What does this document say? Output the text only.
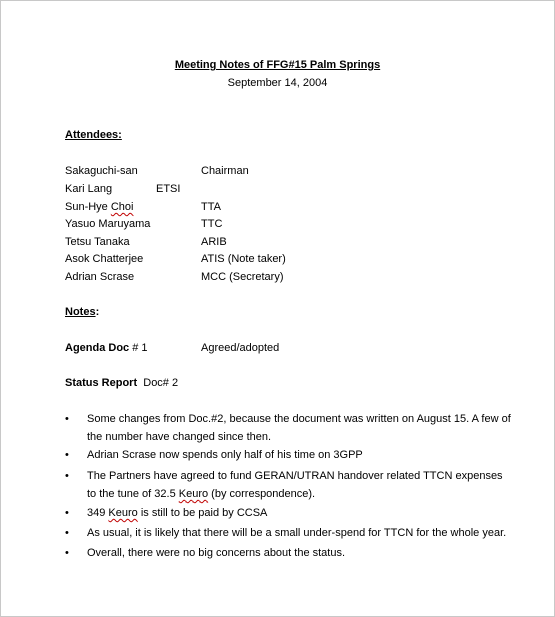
Meeting Notes of FFG#15 Palm Springs
September 14, 2004
Attendees:
Sakaguchi-san	Chairman
Kari Lang	ETSI
Sun-Hye Choi	TTA
Yasuo Maruyama	TTC
Tetsu Tanaka	ARIB
Asok Chatterjee	ATIS (Note taker)
Adrian Scrase	MCC (Secretary)
Notes:
Agenda Doc # 1	Agreed/adopted
Status Report Doc# 2
• Some changes from Doc.#2, because the document was written on August 15. A few of the number have changed since then.
• Adrian Scrase now spends only half of his time on 3GPP
• The Partners have agreed to fund GERAN/UTRAN handover related TTCN expenses to the tune of 32.5 Keuro (by correspondence).
• 349 Keuro is still to be paid by CCSA
• As usual, it is likely that there will be a small under-spend for TTCN for the whole year.
• Overall, there were no big concerns about the status.
